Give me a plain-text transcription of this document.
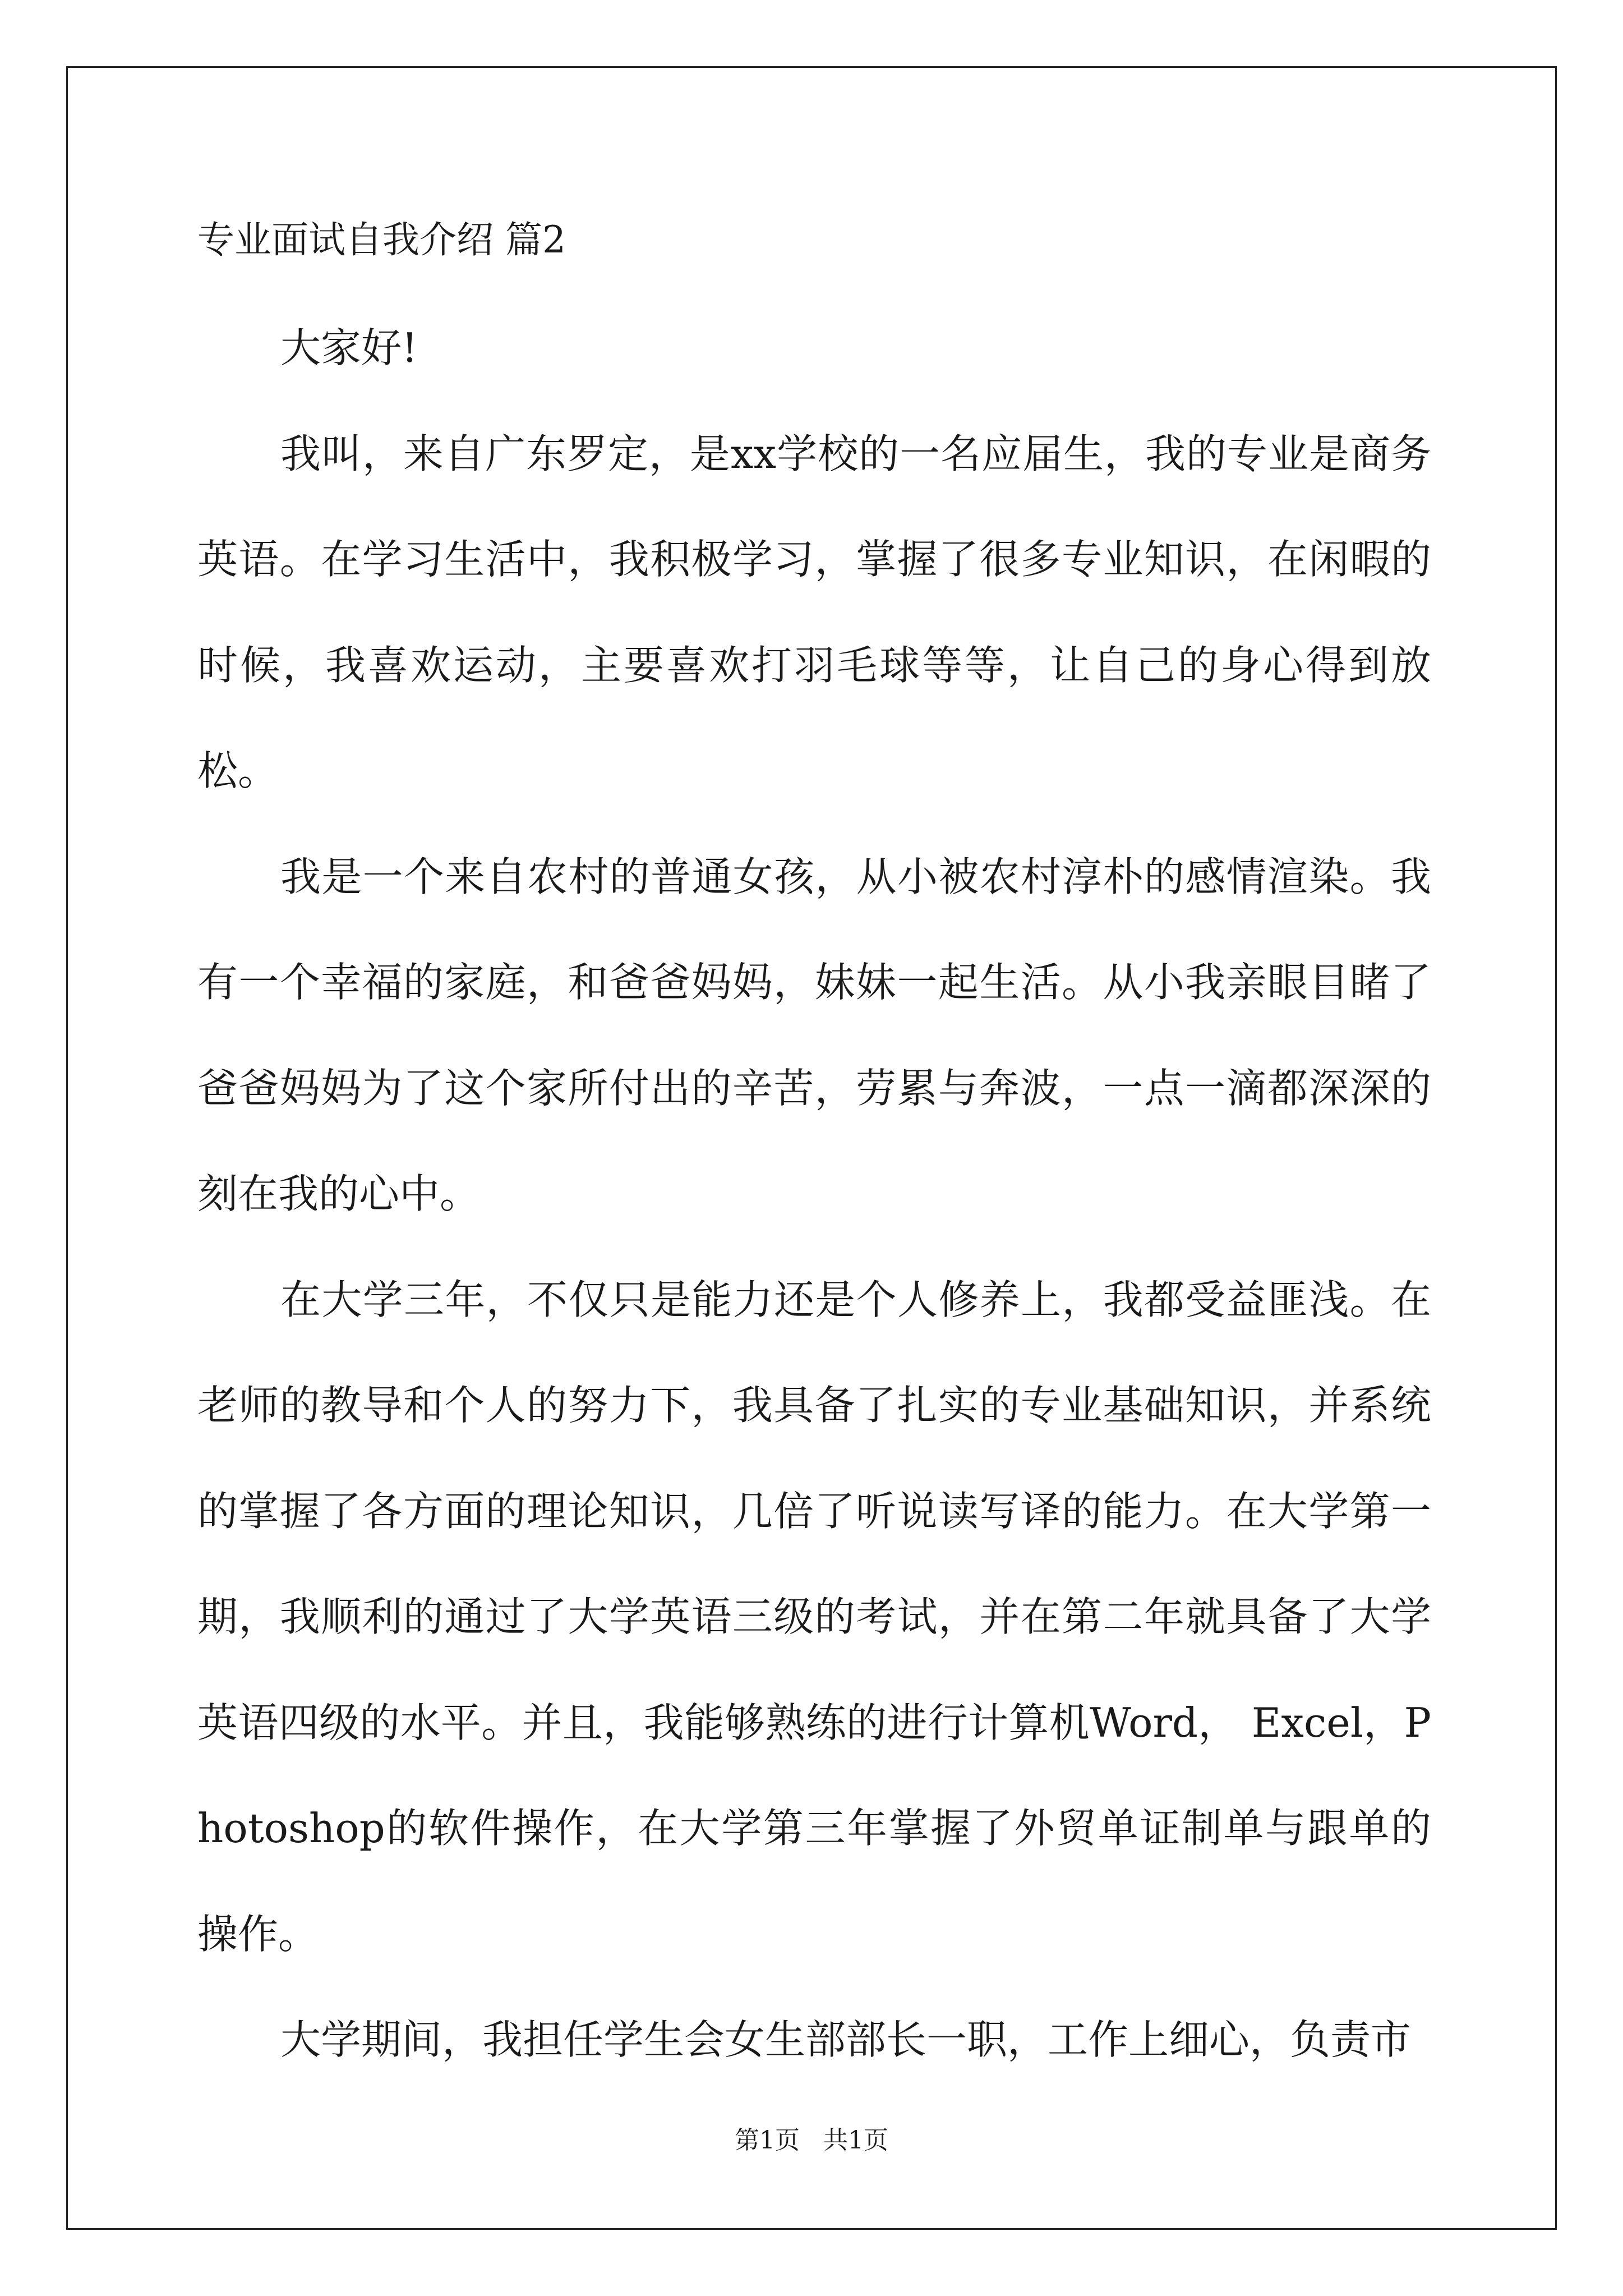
专业面试自我介绍 篇2

大家好!

我叫，来自广东罗定，是xx学校的一名应届生，我的专业是商务英语。在学习生活中，我积极学习，掌握了很多专业知识，在闲暇的时候，我喜欢运动，主要喜欢打羽毛球等等，让自己的身心得到放松。

我是一个来自农村的普通女孩，从小被农村淳朴的感情渲染。我有一个幸福的家庭，和爸爸妈妈，妹妹一起生活。从小我亲眼目睹了爸爸妈妈为了这个家所付出的辛苦，劳累与奔波，一点一滴都深深的刻在我的心中。

在大学三年，不仅只是能力还是个人修养上，我都受益匪浅。在老师的教导和个人的努力下，我具备了扎实的专业基础知识，并系统的掌握了各方面的理论知识，几倍了听说读写译的能力。在大学第一期，我顺利的通过了大学英语三级的考试，并在第二年就具备了大学英语四级的水平。并且，我能够熟练的进行计算机Word， Excel，Photoshop的软件操作，在大学第三年掌握了外贸单证制单与跟单的操作。

大学期间，我担任学生会女生部部长一职，工作上细心，负责市

第1页   共1页
